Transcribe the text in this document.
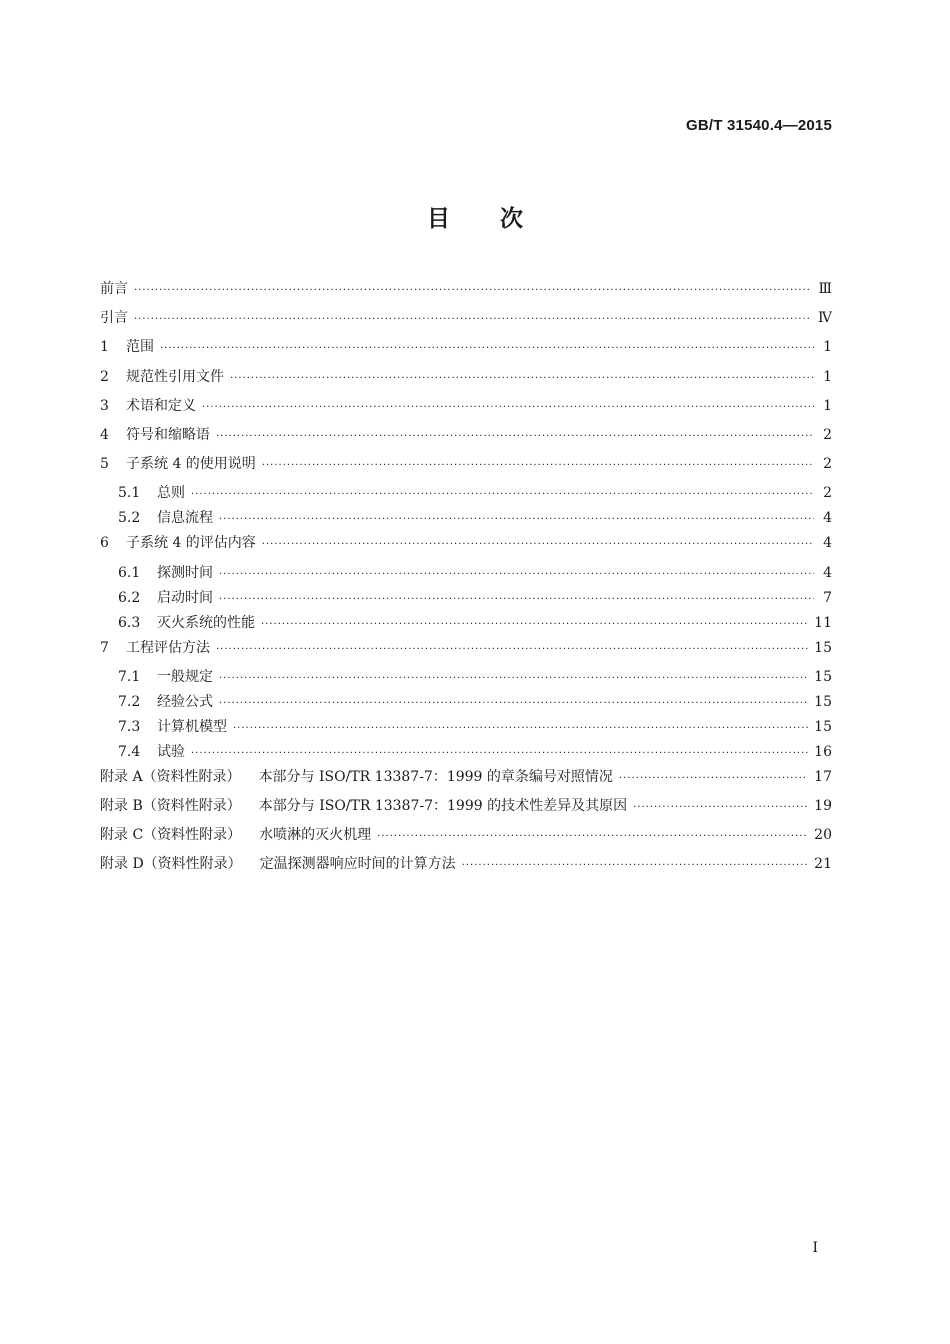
GB/T 31540.4—2015
目次
前言 ·····	Ⅲ
引言 ·····	Ⅳ
1	范围 ·····	1
2	规范性引用文件 ·····	1
3	术语和定义 ·····	1
4	符号和缩略语 ·····	2
5	子系统 4 的使用说明 ·····	2
5.1	总则 ·····	2
5.2	信息流程 ·····	4
6	子系统 4 的评估内容 ·····	4
6.1	探测时间 ·····	4
6.2	启动时间 ·····	7
6.3	灭火系统的性能 ·····	11
7	工程评估方法 ·····	15
7.1	一般规定 ·····	15
7.2	经验公式 ·····	15
7.3	计算机模型 ·····	15
7.4	试验 ·····	16
附录 A（资料性附录） 本部分与 ISO/TR 13387-7：1999 的章条编号对照情况 ·····	17
附录 B（资料性附录） 本部分与 ISO/TR 13387-7：1999 的技术性差异及其原因 ·····	19
附录 C（资料性附录） 水喷淋的灭火机理 ·····	20
附录 D（资料性附录） 定温探测器响应时间的计算方法 ·····	21
I
